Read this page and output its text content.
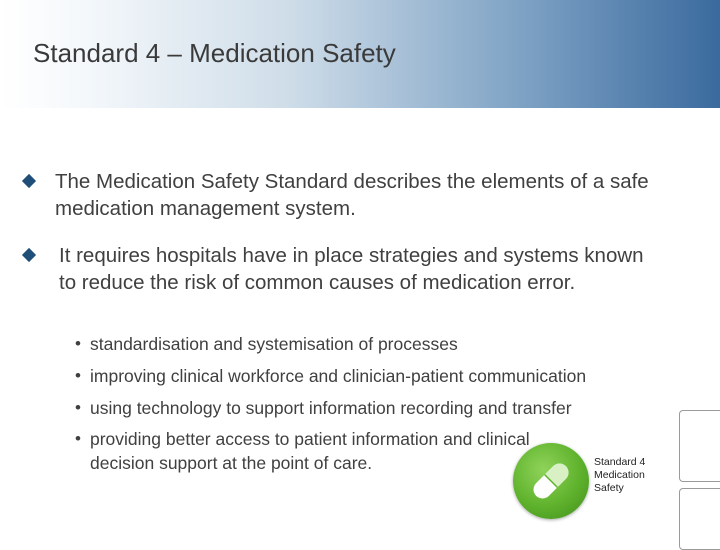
Standard 4 – Medication Safety
The Medication Safety Standard describes the elements of a safe medication management system.
It requires hospitals have in place strategies and systems known to reduce the risk of common causes of medication error.
• standardisation and systemisation of processes
• improving clinical workforce and clinician-patient communication
• using technology to support information recording and transfer
• providing better access to patient information and clinical decision support at the point of care.	Standard 4
Medication
Safety
